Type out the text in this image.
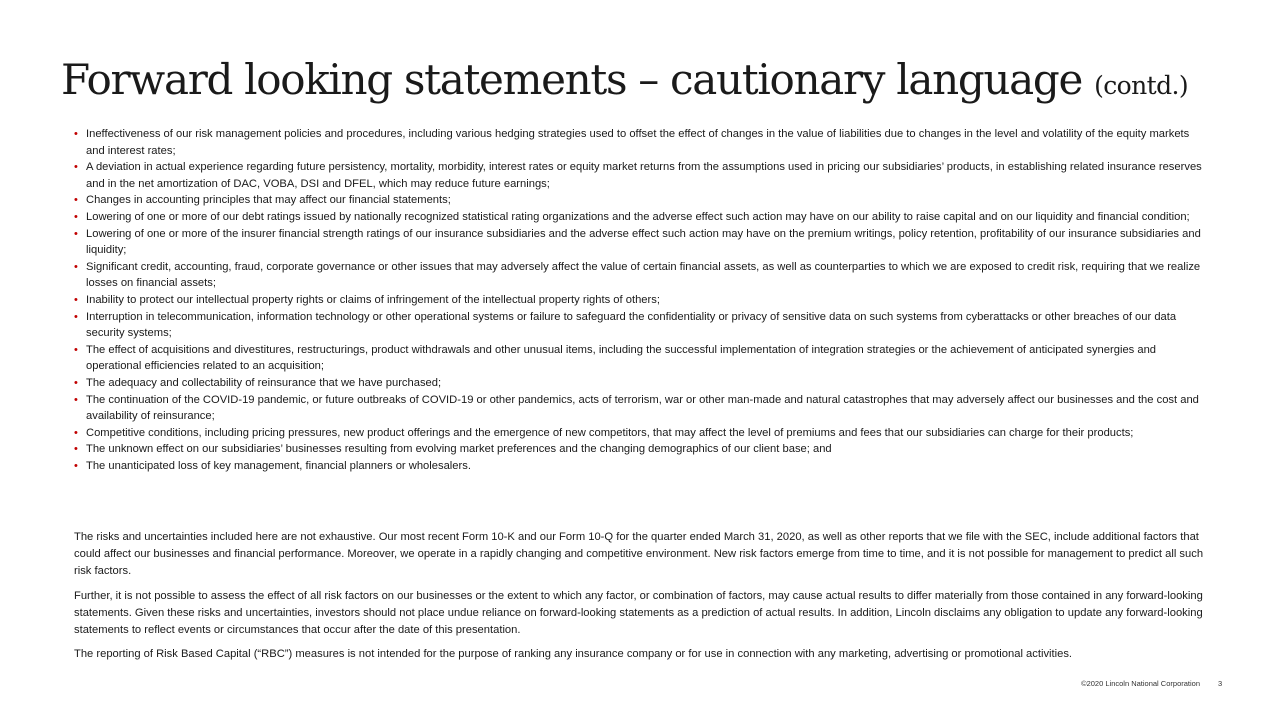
Forward looking statements – cautionary language (contd.)
• Ineffectiveness of our risk management policies and procedures, including various hedging strategies used to offset the effect of changes in the value of liabilities due to changes in the level and volatility of the equity markets and interest rates;
• A deviation in actual experience regarding future persistency, mortality, morbidity, interest rates or equity market returns from the assumptions used in pricing our subsidiaries’ products, in establishing related insurance reserves and in the net amortization of DAC, VOBA, DSI and DFEL, which may reduce future earnings;
• Changes in accounting principles that may affect our financial statements;
• Lowering of one or more of our debt ratings issued by nationally recognized statistical rating organizations and the adverse effect such action may have on our ability to raise capital and on our liquidity and financial condition;
• Lowering of one or more of the insurer financial strength ratings of our insurance subsidiaries and the adverse effect such action may have on the premium writings, policy retention, profitability of our insurance subsidiaries and liquidity;
• Significant credit, accounting, fraud, corporate governance or other issues that may adversely affect the value of certain financial assets, as well as counterparties to which we are exposed to credit risk, requiring that we realize losses on financial assets;
• Inability to protect our intellectual property rights or claims of infringement of the intellectual property rights of others;
• Interruption in telecommunication, information technology or other operational systems or failure to safeguard the confidentiality or privacy of sensitive data on such systems from cyberattacks or other breaches of our data security systems;
• The effect of acquisitions and divestitures, restructurings, product withdrawals and other unusual items, including the successful implementation of integration strategies or the achievement of anticipated synergies and operational efficiencies related to an acquisition;
• The adequacy and collectability of reinsurance that we have purchased;
• The continuation of the COVID-19 pandemic, or future outbreaks of COVID-19 or other pandemics, acts of terrorism, war or other man-made and natural catastrophes that may adversely affect our businesses and the cost and availability of reinsurance;
• Competitive conditions, including pricing pressures, new product offerings and the emergence of new competitors, that may affect the level of premiums and fees that our subsidiaries can charge for their products;
• The unknown effect on our subsidiaries’ businesses resulting from evolving market preferences and the changing demographics of our client base; and
• The unanticipated loss of key management, financial planners or wholesalers.

The risks and uncertainties included here are not exhaustive. Our most recent Form 10-K and our Form 10-Q for the quarter ended March 31, 2020, as well as other reports that we file with the SEC, include additional factors that could affect our businesses and financial performance. Moreover, we operate in a rapidly changing and competitive environment. New risk factors emerge from time to time, and it is not possible for management to predict all such risk factors.

Further, it is not possible to assess the effect of all risk factors on our businesses or the extent to which any factor, or combination of factors, may cause actual results to differ materially from those contained in any forward-looking statements. Given these risks and uncertainties, investors should not place undue reliance on forward-looking statements as a prediction of actual results. In addition, Lincoln disclaims any obligation to update any forward-looking statements to reflect events or circumstances that occur after the date of this presentation.

The reporting of Risk Based Capital (“RBC”) measures is not intended for the purpose of ranking any insurance company or for use in connection with any marketing, advertising or promotional activities.

©2020 Lincoln National Corporation 3
